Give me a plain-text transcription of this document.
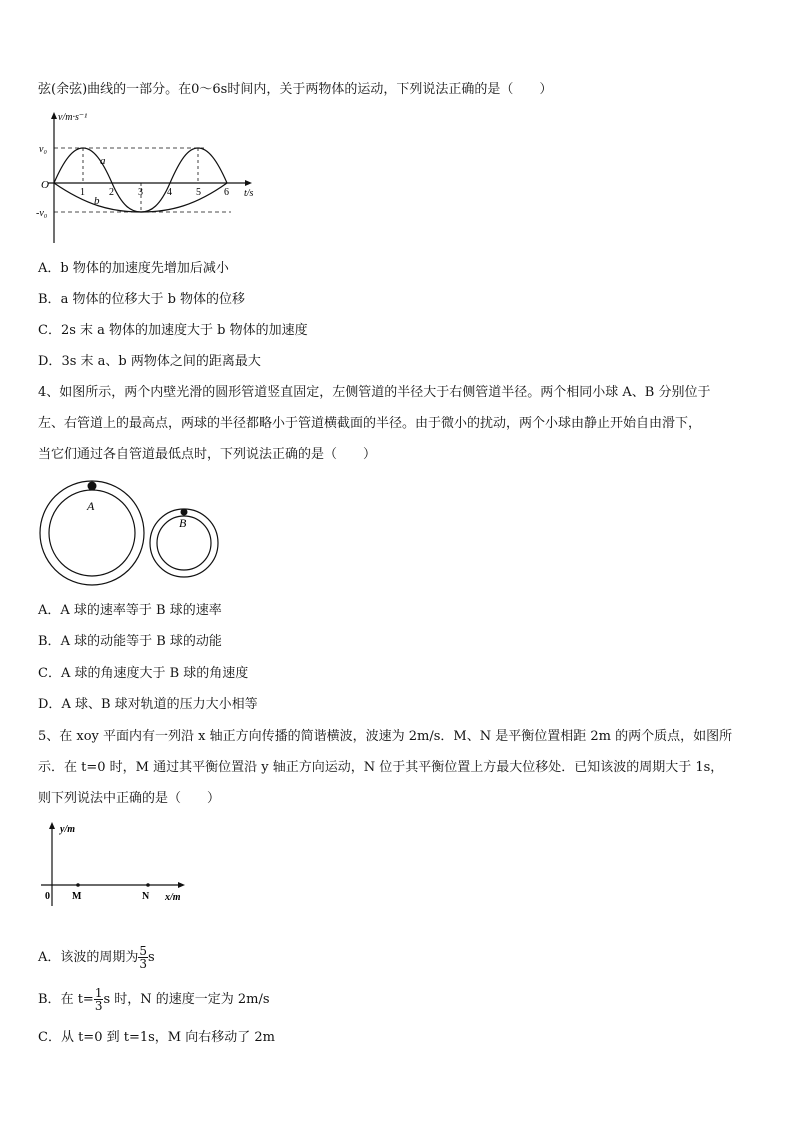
弦(余弦)曲线的一部分。在0～6s时间内，关于两物体的运动，下列说法正确的是（　　）
v/m·s⁻¹
t/s
O
v₀
-v₀
1 2 3 4 5 6
a
b
A．b 物体的加速度先增加后减小
B．a 物体的位移大于 b 物体的位移
C．2s 末 a 物体的加速度大于 b 物体的加速度
D．3s 末 a、b 两物体之间的距离最大
4、如图所示，两个内壁光滑的圆形管道竖直固定，左侧管道的半径大于右侧管道半径。两个相同小球 A、B 分别位于
左、右管道上的最高点，两球的半径都略小于管道横截面的半径。由于微小的扰动，两个小球由静止开始自由滑下，
当它们通过各自管道最低点时，下列说法正确的是（　　）
A
B
A．A 球的速率等于 B 球的速率
B．A 球的动能等于 B 球的动能
C．A 球的角速度大于 B 球的角速度
D．A 球、B 球对轨道的压力大小相等
5、在 xoy 平面内有一列沿 x 轴正方向传播的简谐横波，波速为 2m/s．M、N 是平衡位置相距 2m 的两个质点，如图所
示．在 t=0 时，M 通过其平衡位置沿 y 轴正方向运动，N 位于其平衡位置上方最大位移处．已知该波的周期大于 1s，
则下列说法中正确的是（　　）
y/m
x/m
0 M	N
A．该波的周期为 $\frac{5}{3}$ s
B．在 $t= \frac{1}{3}$ s 时，N 的速度一定为 2m/s
C．从 t=0 到 t=1s，M 向右移动了 2m
